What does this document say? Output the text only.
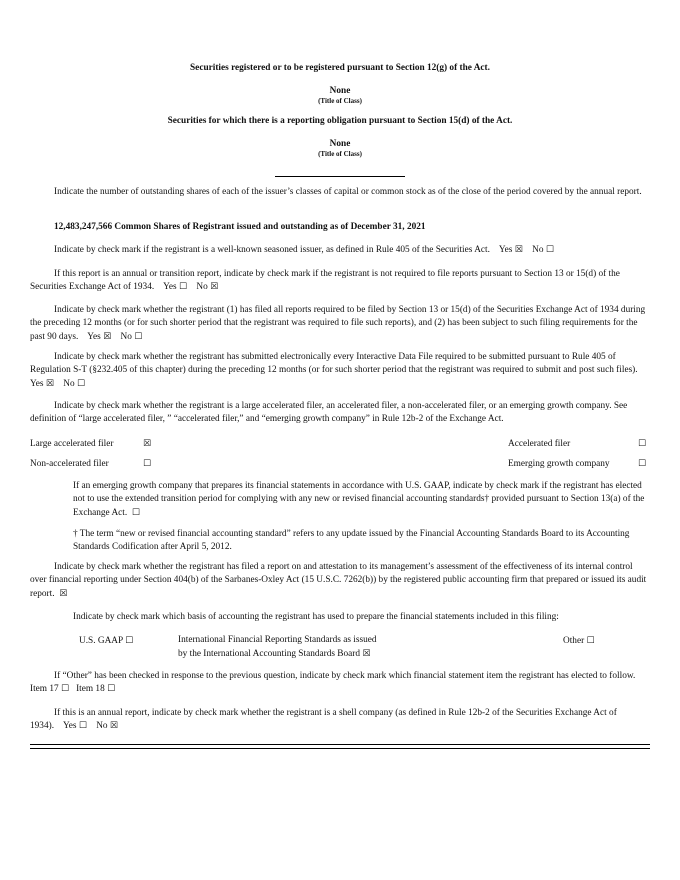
Securities registered or to be registered pursuant to Section 12(g) of the Act.
None
(Title of Class)
Securities for which there is a reporting obligation pursuant to Section 15(d) of the Act.
None
(Title of Class)

Indicate the number of outstanding shares of each of the issuer’s classes of capital or common stock as of the close of the period covered by the annual report.

12,483,247,566 Common Shares of Registrant issued and outstanding as of December 31, 2021

Indicate by check mark if the registrant is a well-known seasoned issuer, as defined in Rule 405 of the Securities Act. Yes ☒ No ☐

If this report is an annual or transition report, indicate by check mark if the registrant is not required to file reports pursuant to Section 13 or 15(d) of the Securities Exchange Act of 1934. Yes ☐ No ☒

Indicate by check mark whether the registrant (1) has filed all reports required to be filed by Section 13 or 15(d) of the Securities Exchange Act of 1934 during the preceding 12 months (or for such shorter period that the registrant was required to file such reports), and (2) has been subject to such filing requirements for the past 90 days. Yes ☒ No ☐

Indicate by check mark whether the registrant has submitted electronically every Interactive Data File required to be submitted pursuant to Rule 405 of Regulation S-T (§232.405 of this chapter) during the preceding 12 months (or for such shorter period that the registrant was required to submit and post such files).    Yes ☒ No ☐

Indicate by check mark whether the registrant is a large accelerated filer, an accelerated filer, a non-accelerated filer, or an emerging growth company. See definition of “large accelerated filer, ” “accelerated filer,” and “emerging growth company” in Rule 12b-2 of the Exchange Act.

Large accelerated filer	☒	Accelerated filer	☐
Non-accelerated filer	☐	Emerging growth company	☐

If an emerging growth company that prepares its financial statements in accordance with U.S. GAAP, indicate by check mark if the registrant has elected not to use the extended transition period for complying with any new or revised financial accounting standards† provided pursuant to Section 13(a) of the Exchange Act. ☐

† The term “new or revised financial accounting standard” refers to any update issued by the Financial Accounting Standards Board to its Accounting Standards Codification after April 5, 2012.

Indicate by check mark whether the registrant has filed a report on and attestation to its management’s assessment of the effectiveness of its internal control over financial reporting under Section 404(b) of the Sarbanes-Oxley Act (15 U.S.C. 7262(b)) by the registered public accounting firm that prepared or issued its audit report. ☒

Indicate by check mark which basis of accounting the registrant has used to prepare the financial statements included in this filing:

U.S. GAAP ☐	International Financial Reporting Standards as issued
by the International Accounting Standards Board ☒
Other ☐

If “Other” has been checked in response to the previous question, indicate by check mark which financial statement item the registrant has elected to follow.    Item 17 ☐ Item 18 ☐

If this is an annual report, indicate by check mark whether the registrant is a shell company (as defined in Rule 12b-2 of the Securities Exchange Act of 1934). Yes ☐ No ☒
